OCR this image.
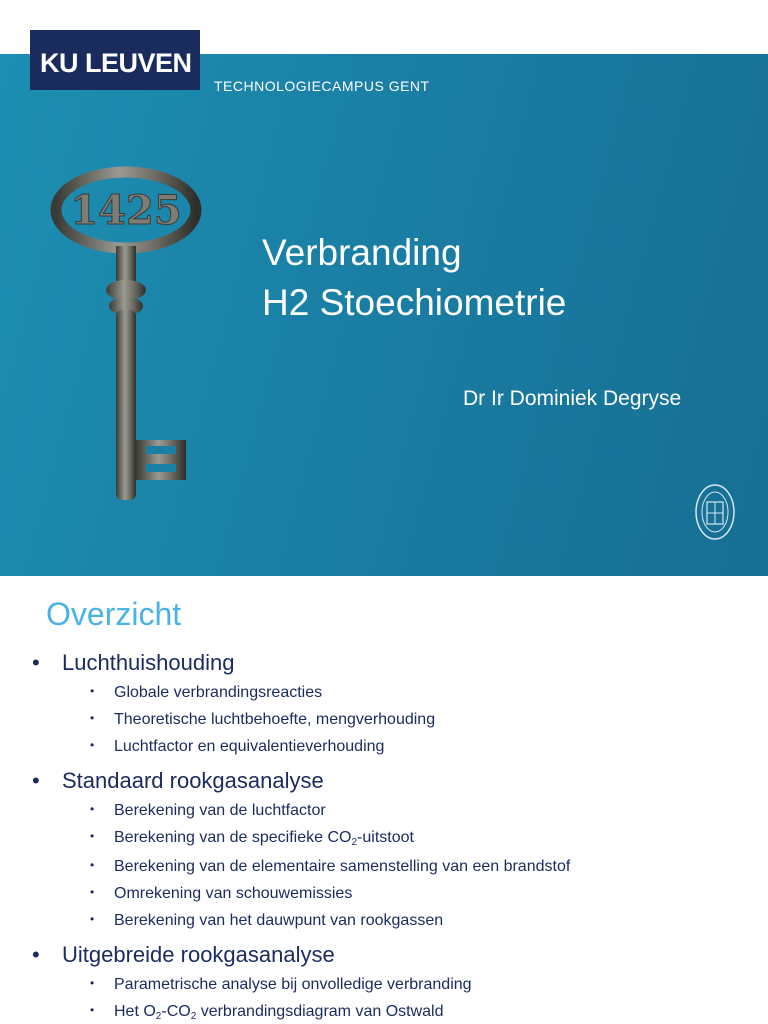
KU LEUVEN
TECHNOLOGIECAMPUS GENT
1425
Verbranding
H2 Stoechiometrie
Dr Ir Dominiek Degryse
Overzicht
• Luchthuishouding
• Globale verbrandingsreacties
• Theoretische luchtbehoefte, mengverhouding
• Luchtfactor en equivalentieverhouding
• Standaard rookgasanalyse
• Berekening van de luchtfactor
• Berekening van de specifieke $CO_2$-uitstoot
• Berekening van de elementaire samenstelling van een brandstof
• Omrekening van schouwemissies
• Berekening van het dauwpunt van rookgassen
• Uitgebreide rookgasanalyse
• Parametrische analyse bij onvolledige verbranding
• Het $O_2-CO_2$ verbrandingsdiagram van Ostwald
